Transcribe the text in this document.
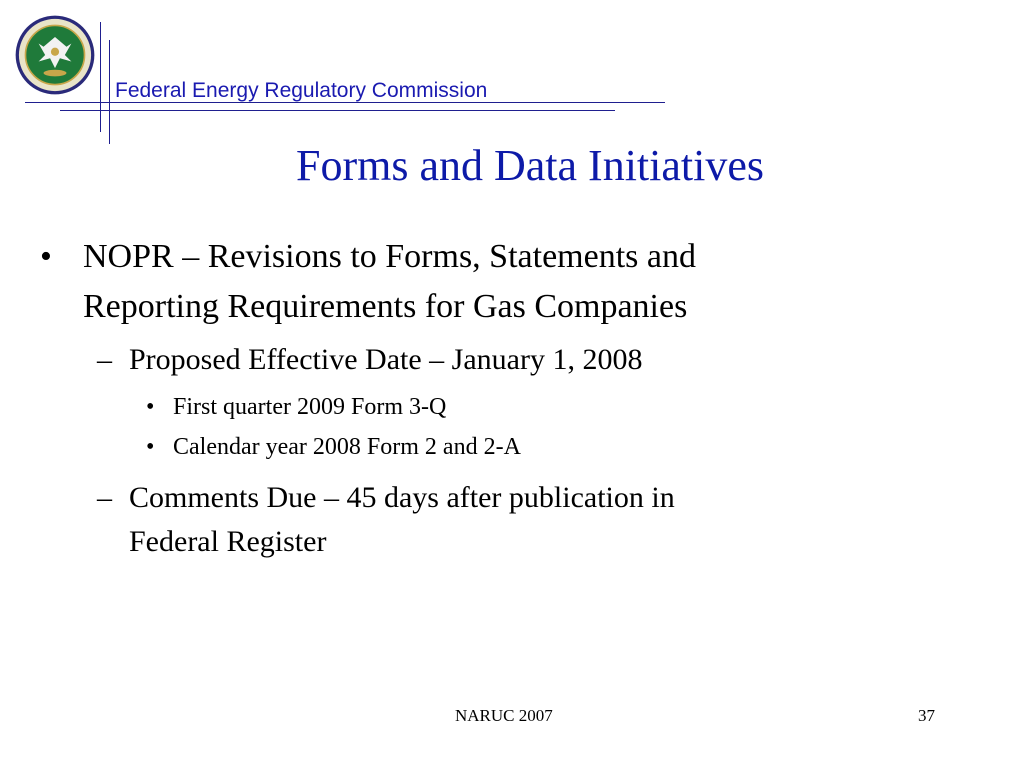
Federal Energy Regulatory Commission
Forms and Data Initiatives
• NOPR – Revisions to Forms, Statements and
Reporting Requirements for Gas Companies
– Proposed Effective Date – January 1, 2008
• First quarter 2009 Form 3-Q
• Calendar year 2008 Form 2 and 2-A
– Comments Due – 45 days after publication in
Federal Register
NARUC 2007	37
